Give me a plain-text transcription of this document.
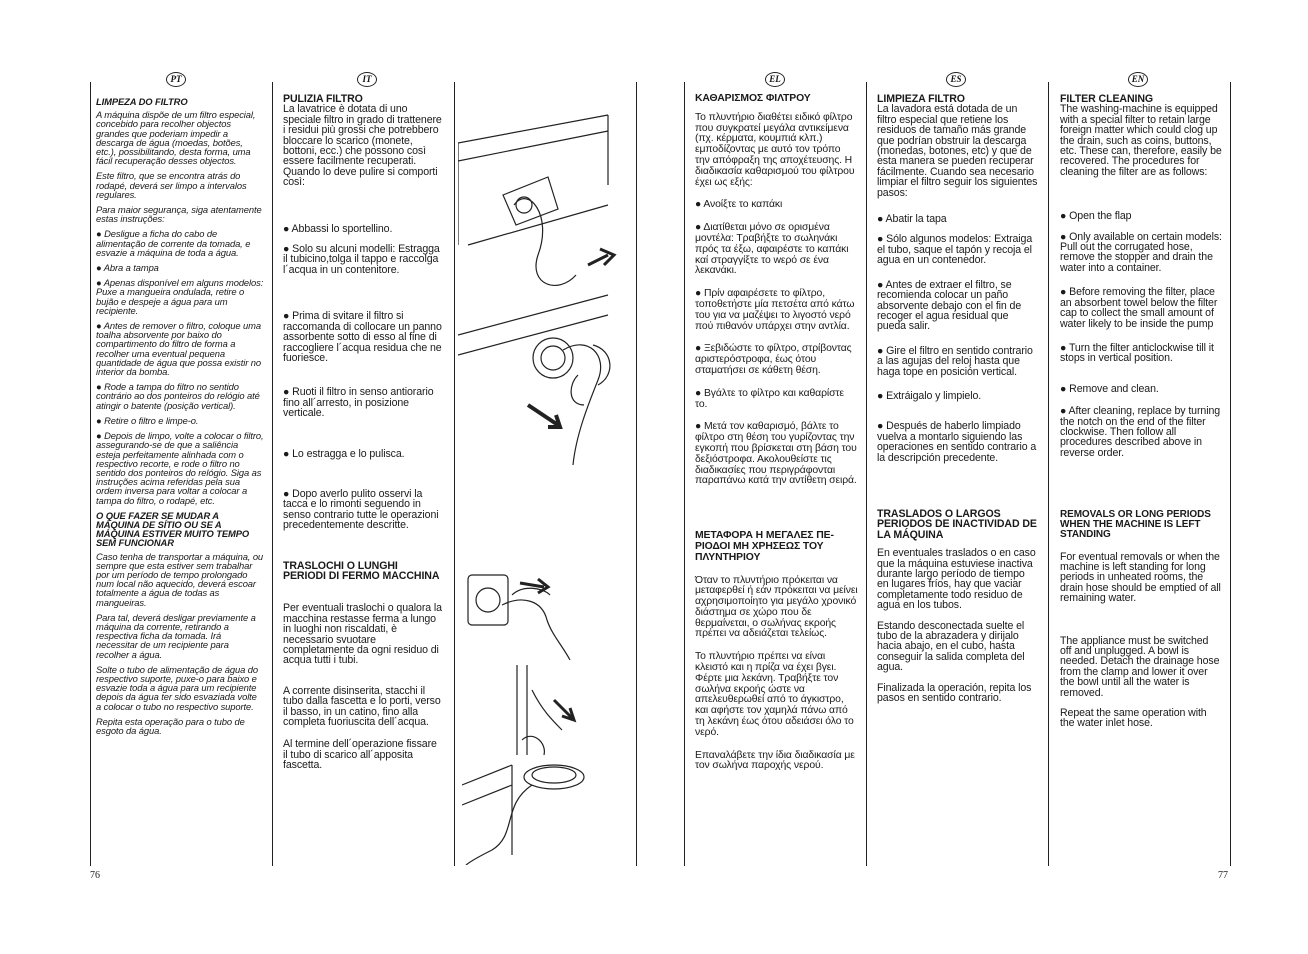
PT	IT	EL	ES	EN

LIMPEZA DO FILTRO

A máquina dispõe de um filtro especial, concebido para recolher objectos grandes que poderiam impedir a descarga de água (moedas, botões, etc.), possibilitando, desta forma, uma fácil recuperação desses objectos.

Este filtro, que se encontra atrás do rodapé, deverá ser limpo a intervalos regulares.

Para maior segurança, siga atentamente estas instruções:

● Desligue a ficha do cabo de alimentação de corrente da tomada, e esvazie a máquina de toda a água.

● Abra a tampa

● Apenas disponível em alguns modelos: Puxe a mangueira ondulada, retire o bujão e despeje a água para um recipiente.

● Antes de remover o filtro, coloque uma toalha absorvente por baixo do compartimento do filtro de forma a recolher uma eventual pequena quantidade de água que possa existir no interior da bomba.

● Rode a tampa do filtro no sentido contrário ao dos ponteiros do relógio até atingir o batente (posição vertical).

● Retire o filtro e limpe-o.

● Depois de limpo, volte a colocar o filtro, assegurando-se de que a saliência esteja perfeitamente alinhada com o respectivo recorte, e rode o filtro no sentido dos ponteiros do relógio. Siga as instruções acima referidas pela sua ordem inversa para voltar a colocar a tampa do filtro, o rodapé, etc.

O QUE FAZER SE MUDAR A MÁQUINA DE SÍTIO OU SE A MÁQUINA ESTIVER MUITO TEMPO SEM FUNCIONAR

Caso tenha de transportar a máquina, ou sempre que esta estiver sem trabalhar por um período de tempo prolongado num local não aquecido, deverá escoar totalmente a água de todas as mangueiras.

Para tal, deverá desligar previamente a máquina da corrente, retirando a respectiva ficha da tomada. Irá necessitar de um recipiente para recolher a água.

Solte o tubo de alimentação de água do respectivo suporte, puxe-o para baixo e esvazie toda a água para um recipiente depois da água ter sido esvaziada volte a colocar o tubo no respectivo suporte.

Repita esta operação para o tubo de esgoto da água.

PULIZIA FILTRO

La lavatrice è dotata di uno speciale filtro in grado di trattenere i residui più grossi che potrebbero bloccare lo scarico (monete, bottoni, ecc.) che possono così essere facilmente recuperati. Quando lo deve pulire si comporti così:

● Abbassi lo sportellino.

● Solo su alcuni modelli: Estragga il tubicino,tolga il tappo e raccolga l´acqua in un contenitore.

● Prima di svitare il filtro si raccomanda di collocare un panno assorbente sotto di esso al fine di raccogliere l´acqua residua che ne fuoriesce.

● Ruoti il filtro in senso antiorario fino all´arresto, in posizione verticale.

● Lo estragga e lo pulisca.

● Dopo averlo pulito osservi la tacca e lo rimonti seguendo in senso contrario tutte le operazioni precedentemente descritte.

TRASLOCHI O LUNGHI PERIODI DI FERMO MACCHINA

Per eventuali traslochi o qualora la macchina restasse ferma a lungo in luoghi non riscaldati, è necessario svuotare completamente da ogni residuo di acqua tutti i tubi.

A corrente disinserita, stacchi il tubo dalla fascetta e lo porti, verso il basso, in un catino, fino alla completa fuoriuscita dell´acqua.

Al termine dell´operazione fissare il tubo di scarico all´apposita fascetta.

ΚΑΘΑΡΙΣΜΟΣ ΦΙΛΤΡΟΥ

Το πλυντήριο διαθέτει ειδικό φίλτρο που συγκρατεί μεγάλα αντικείμενα (πχ. κέρματα, κουμπιά κλπ.) εμποδίζοντας με αυτό τον τρόπο την απόφραξη της αποχέτευσης. Η διαδικασία καθαρισμού του φίλτρου έχει ως εξής:

● Ανοίξτε το καπάκι

● Διατίθεται μόνο σε ορισμένα μοντέλα: Τραβήξτε το σωληνάκι πρός τα έξω, αφαιρέστε το καπάκι καί στραγγίξτε το wερό σε ένα λεκανάκι.

● Πρίν αφαιρέσετε το φίλτρο, τοποθετήστε μία πετσέτα από κάτω του για να μαζέψει το λιγοστό νερό πού πιθανόν υπάρχει στην αντλία.

● Ξεβιδώστε το φίλτρο, στρίβοντας αριστερόστροφα, έως ότου σταματήσει σε κάθετη θέση.

● Βγάλτε το φίλτρο και καθαρίστε το.

● Μετά τον καθαρισμό, βάλτε το φίλτρο στη θέση του γυρίζοντας την εγκοπή που βρίσκεται στη βάση του δεξιόστροφα. Ακολουθείστε τις διαδικασίες που περιγράφονται παραπάνω κατά την αντίθετη σειρά.

ΜΕΤΑΦΟΡΑ Η ΜΕΓΑΛΕΣ ΠΕ-ΡΙΟΔΟΙ ΜΗ ΧΡΗΣΕΩΣ ΤΟΥ ΠΛΥΝΤΗΡΙΟΥ

Όταν το πλυντήριο πρόκειται να μεταφερθεί ή εάν πρόκειται να μείνει αχρησιμοποίητο για μεγάλο χρονικό διάστημα σε χώρο που δε θερμαίνεται, ο σωλήνας εκροής πρέπει να αδειάζεται τελείως.

Το πλυντήριο πρέπει να είναι κλειστό και η πρίζα να έχει βγει. Φέρτε μια λεκάνη. Τραβήξτε τον σωλήνα εκροής ώστε να απελευθερωθεί από το άγκιστρο, και αφήστε τον χαμηλά πάνω από τη λεκάνη έως ότου αδειάσει όλο το νερό.

Επαναλάβετε την ίδια διαδικασία με τον σωλήνα παροχής νερού.

LIMPIEZA FILTRO

La lavadora está dotada de un filtro especial que retiene los residuos de tamaño más grande que podrían obstruir la descarga (monedas, botones, etc) y que de esta manera se pueden recuperar fácilmente. Cuando sea necesario limpiar el filtro seguir los siguientes pasos:

● Abatir la tapa

● Sólo algunos modelos: Extraiga el tubo, saque el tapón y recoja el agua en un contenedor.

● Antes de extraer el filtro, se recomienda colocar un paño absorvente debajo con el fin de recoger el agua residual que pueda salir.

● Gire el filtro en sentido contrario a las agujas del reloj hasta que haga tope en posición vertical.

● Extráigalo y limpielo.

● Después de haberlo limpiado vuelva a montarlo siguiendo las operaciones en sentido contrario a la descripción precedente.

TRASLADOS O LARGOS PERIODOS DE INACTIVIDAD DE LA MÁQUINA

En eventuales traslados o en caso que la máquina estuviese inactiva durante largo período de tiempo en lugares fríos, hay que vaciar completamente todo residuo de agua en los tubos.

Estando desconectada suelte el tubo de la abrazadera y dirijalo hacia abajo, en el cubo, hasta conseguir la salida completa del agua.

Finalizada la operación, repita los pasos en sentido contrario.

FILTER CLEANING

The washing-machine is equipped with a special filter to retain large foreign matter which could clog up the drain, such as coins, buttons, etc. These can, therefore, easily be recovered. The procedures for cleaning the filter are as follows:

● Open the flap

● Only available on certain models: Pull out the corrugated hose, remove the stopper and drain the water into a container.

● Before removing the filter, place an absorbent towel below the filter cap to collect the small amount of water likely to be inside the pump

● Turn the filter anticlockwise till it stops in vertical position.

● Remove and clean.

● After cleaning, replace by turning the notch on the end of the filter clockwise. Then follow all procedures described above in reverse order.

REMOVALS OR LONG PERIODS WHEN THE MACHINE IS LEFT STANDING

For eventual removals or when the machine is left standing for long periods in unheated rooms, the drain hose should be emptied of all remaining water.

The appliance must be switched off and unplugged. A bowl is needed. Detach the drainage hose from the clamp and lower it over the bowl until all the water is removed.

Repeat the same operation with the water inlet hose.

76	77
